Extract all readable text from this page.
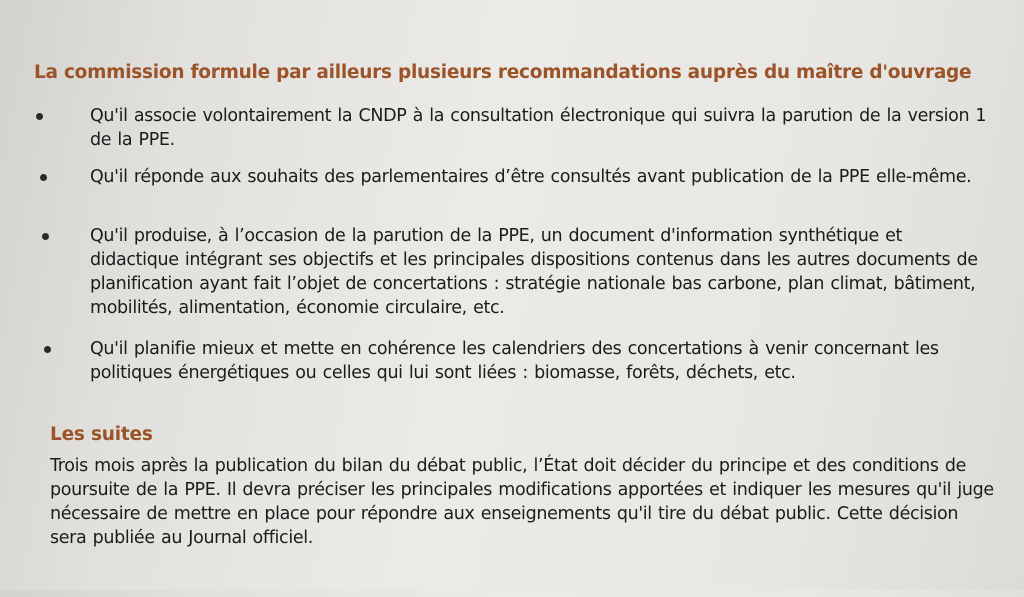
La commission formule par ailleurs plusieurs recommandations auprès du maître d'ouvrage
Qu'il associe volontairement la CNDP à la consultation électronique qui suivra la parution de la version 1 de la PPE.
Qu'il réponde aux souhaits des parlementaires d’être consultés avant publication de la PPE elle-même.
Qu'il produise, à l’occasion de la parution de la PPE, un document d'information synthétique et didactique intégrant ses objectifs et les principales dispositions contenus dans les autres documents de planification ayant fait l’objet de concertations : stratégie nationale bas carbone, plan climat, bâtiment, mobilités, alimentation, économie circulaire, etc.
Qu'il planifie mieux et mette en cohérence les calendriers des concertations à venir concernant les politiques énergétiques ou celles qui lui sont liées : biomasse, forêts, déchets, etc.
Les suites

Trois mois après la publication du bilan du débat public, l’État doit décider du principe et des conditions de poursuite de la PPE. Il devra préciser les principales modifications apportées et indiquer les mesures qu'il juge nécessaire de mettre en place pour répondre aux enseignements qu'il tire du débat public. Cette décision sera publiée au Journal officiel.
